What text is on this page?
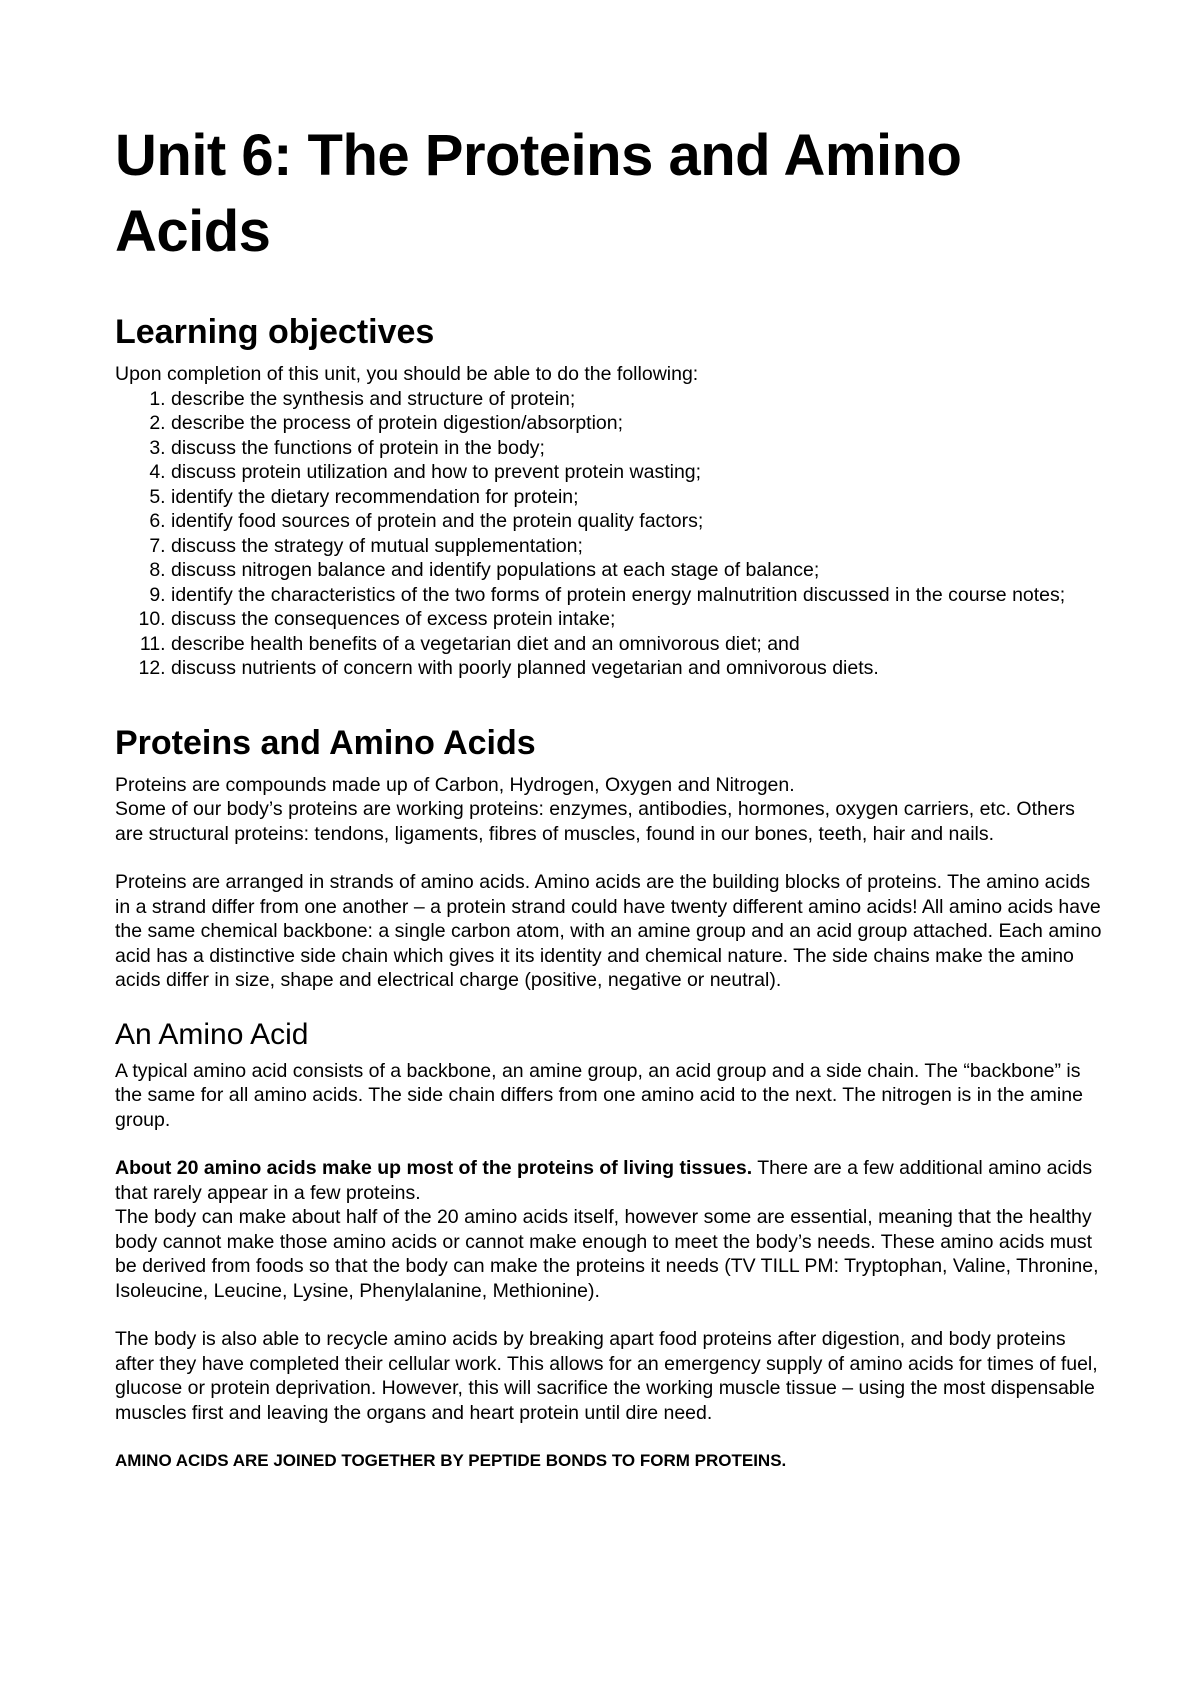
Unit 6: The Proteins and Amino Acids
Learning objectives

Upon completion of this unit, you should be able to do the following:

1. describe the synthesis and structure of protein;
2. describe the process of protein digestion/absorption;
3. discuss the functions of protein in the body;
4. discuss protein utilization and how to prevent protein wasting;
5. identify the dietary recommendation for protein;
6. identify food sources of protein and the protein quality factors;
7. discuss the strategy of mutual supplementation;
8. discuss nitrogen balance and identify populations at each stage of balance;
9. identify the characteristics of the two forms of protein energy malnutrition discussed in the course notes;
10. discuss the consequences of excess protein intake;
11. describe health benefits of a vegetarian diet and an omnivorous diet; and
12. discuss nutrients of concern with poorly planned vegetarian and omnivorous diets.
Proteins and Amino Acids

Proteins are compounds made up of Carbon, Hydrogen, Oxygen and Nitrogen.

Some of our body’s proteins are working proteins: enzymes, antibodies, hormones, oxygen carriers, etc. Others are structural proteins: tendons, ligaments, fibres of muscles, found in our bones, teeth, hair and nails.

Proteins are arranged in strands of amino acids. Amino acids are the building blocks of proteins. The amino acids in a strand differ from one another – a protein strand could have twenty different amino acids! All amino acids have the same chemical backbone: a single carbon atom, with an amine group and an acid group attached. Each amino acid has a distinctive side chain which gives it its identity and chemical nature. The side chains make the amino acids differ in size, shape and electrical charge (positive, negative or neutral).

An Amino Acid

A typical amino acid consists of a backbone, an amine group, an acid group and a side chain. The “backbone” is the same for all amino acids. The side chain differs from one amino acid to the next. The nitrogen is in the amine group.

About 20 amino acids make up most of the proteins of living tissues. There are a few additional amino acids that rarely appear in a few proteins.

The body can make about half of the 20 amino acids itself, however some are essential, meaning that the healthy body cannot make those amino acids or cannot make enough to meet the body’s needs. These amino acids must be derived from foods so that the body can make the proteins it needs (TV TILL PM: Tryptophan, Valine, Thronine, Isoleucine, Leucine, Lysine, Phenylalanine, Methionine).

The body is also able to recycle amino acids by breaking apart food proteins after digestion, and body proteins after they have completed their cellular work. This allows for an emergency supply of amino acids for times of fuel, glucose or protein deprivation. However, this will sacrifice the working muscle tissue – using the most dispensable muscles first and leaving the organs and heart protein until dire need.

AMINO ACIDS ARE JOINED TOGETHER BY PEPTIDE BONDS TO FORM PROTEINS.
